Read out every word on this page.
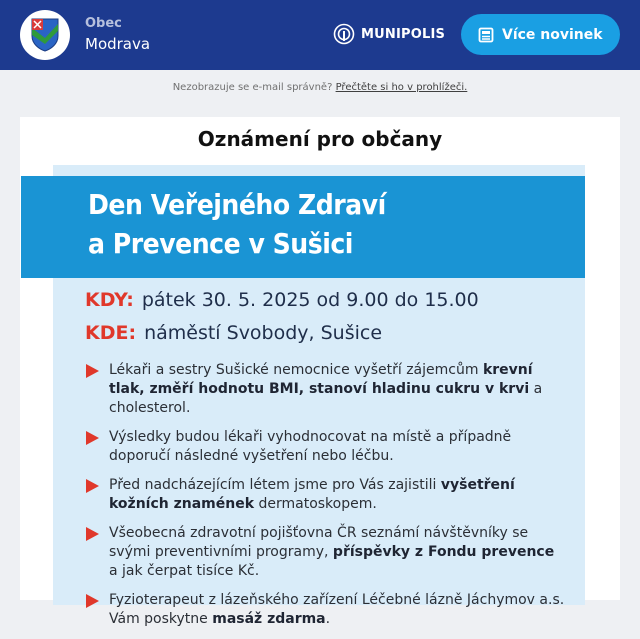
Obec
Modrava
MUNIPOLIS	Více novinek
Nezobrazuje se e-mail správně? Přečtěte si ho v prohlížeči.
Oznámení pro občany
Den Veřejného Zdraví
a Prevence v Sušici
KDY: pátek 30. 5. 2025 od 9.00 do 15.00
KDE: náměstí Svobody, Sušice
Lékaři a sestry Sušické nemocnice vyšetří zájemcům krevní tlak, změří hodnotu BMI, stanoví hladinu cukru v krvi a cholesterol.
Výsledky budou lékaři vyhodnocovat na místě a případně doporučí následné vyšetření nebo léčbu.
Před nadcházejícím létem jsme pro Vás zajistili vyšetření kožních znamének dermatoskopem.
Všeobecná zdravotní pojišťovna ČR seznámí návštěvníky se svými preventivními programy, příspěvky z Fondu prevence a jak čerpat tisíce Kč.
Fyzioterapeut z lázeňského zařízení Léčebné lázně Jáchymov a.s. Vám poskytne masáž zdarma.
